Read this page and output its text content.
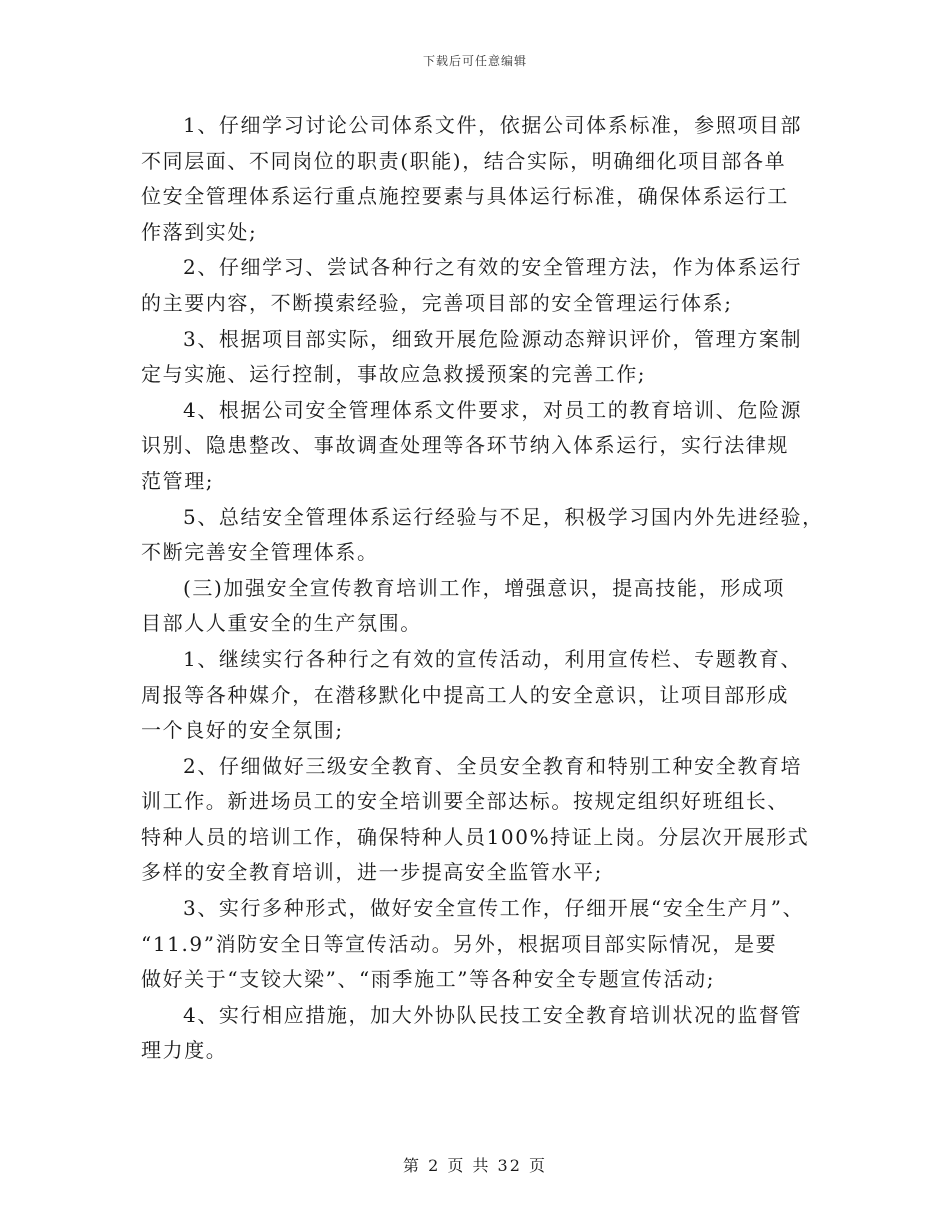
下载后可任意编辑
1、仔细学习讨论公司体系文件，依据公司体系标准，参照项目部
不同层面、不同岗位的职责(职能)，结合实际，明确细化项目部各单
位安全管理体系运行重点施控要素与具体运行标准，确保体系运行工
作落到实处;
2、仔细学习、尝试各种行之有效的安全管理方法，作为体系运行
的主要内容，不断摸索经验，完善项目部的安全管理运行体系;
3、根据项目部实际，细致开展危险源动态辩识评价，管理方案制
定与实施、运行控制，事故应急救援预案的完善工作;
4、根据公司安全管理体系文件要求，对员工的教育培训、危险源
识别、隐患整改、事故调查处理等各环节纳入体系运行，实行法律规
范管理;
5、总结安全管理体系运行经验与不足，积极学习国内外先进经验，
不断完善安全管理体系。
(三)加强安全宣传教育培训工作，增强意识，提高技能，形成项
目部人人重安全的生产氛围。
1、继续实行各种行之有效的宣传活动，利用宣传栏、专题教育、
周报等各种媒介，在潜移默化中提高工人的安全意识，让项目部形成
一个良好的安全氛围;
2、仔细做好三级安全教育、全员安全教育和特别工种安全教育培
训工作。新进场员工的安全培训要全部达标。按规定组织好班组长、
特种人员的培训工作，确保特种人员100%持证上岗。分层次开展形式
多样的安全教育培训，进一步提高安全监管水平;
3、实行多种形式，做好安全宣传工作，仔细开展“安全生产月”、
“11.9”消防安全日等宣传活动。另外，根据项目部实际情况，是要
做好关于“支铰大梁”、“雨季施工”等各种安全专题宣传活动;
4、实行相应措施，加大外协队民技工安全教育培训状况的监督管
理力度。
第 2 页 共 32 页
